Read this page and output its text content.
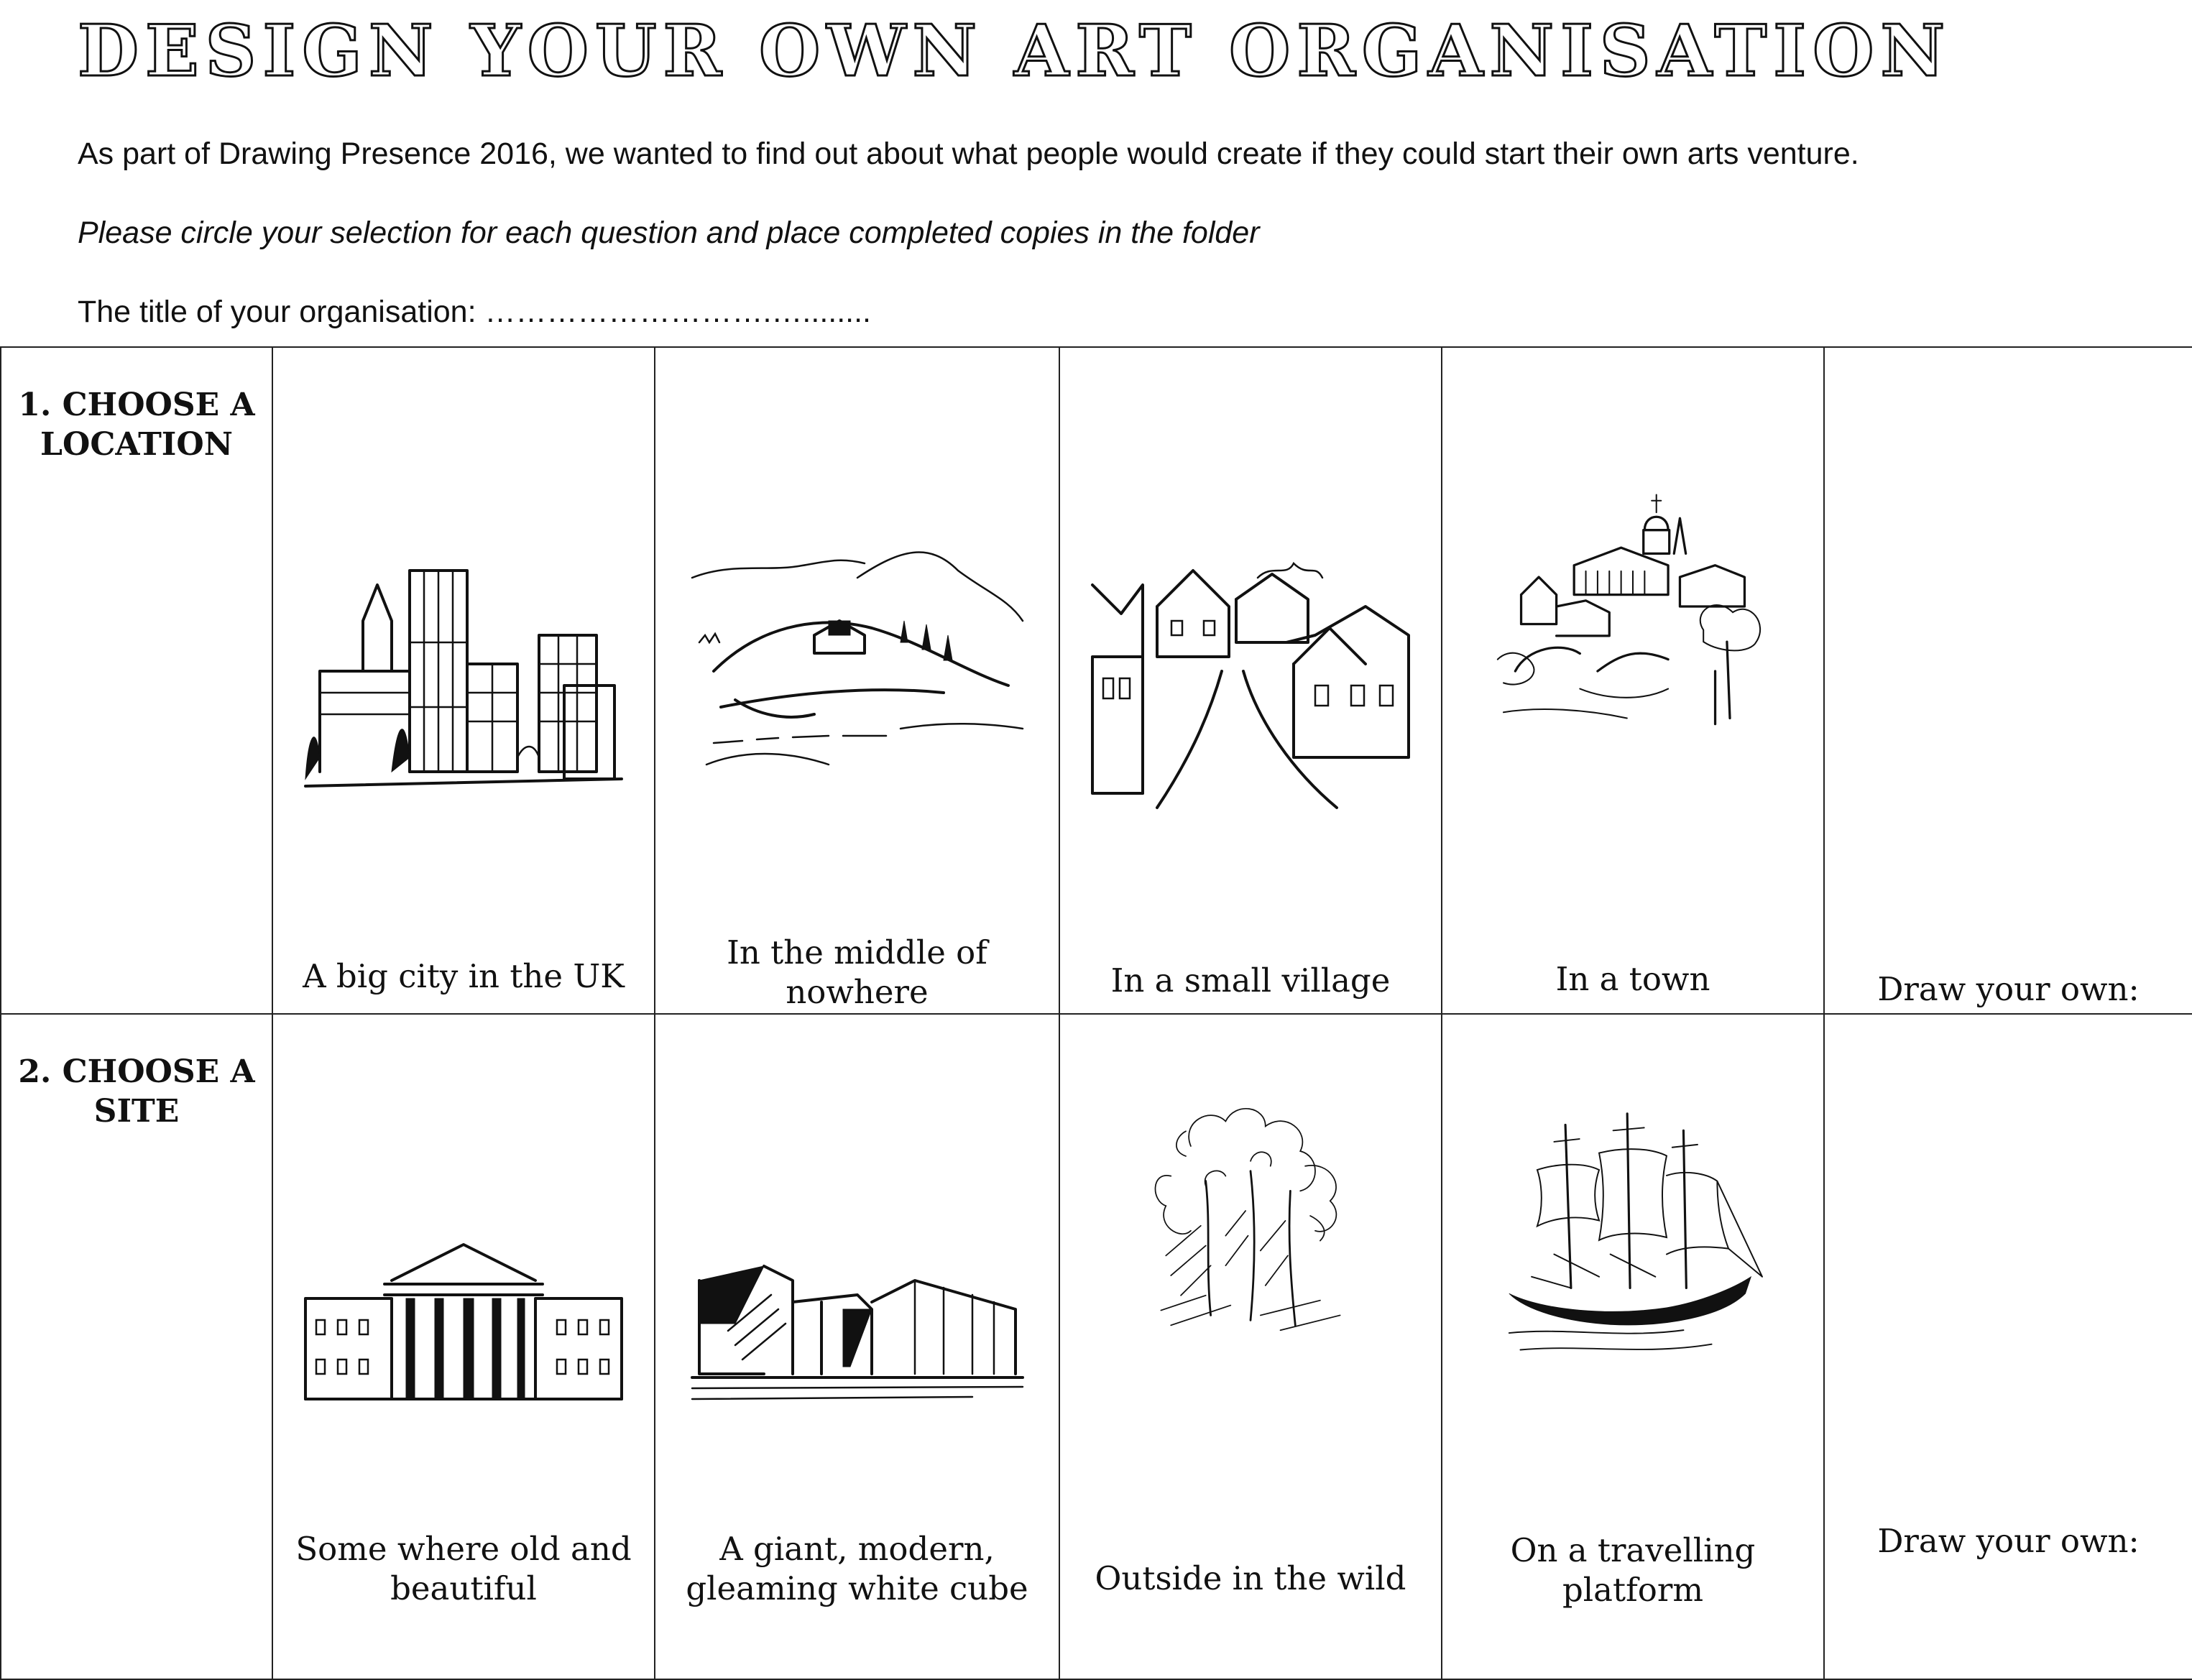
DESIGN YOUR OWN ART ORGANISATION

As part of Drawing Presence 2016, we wanted to find out about what people would create if they could start their own arts venture.

Please circle your selection for each question and place completed copies in the folder

The title of your organisation: ……………………….…........

1. CHOOSE A LOCATION	A big city in the UK	In the middle of nowhere	In a small village	In a town	Draw your own:

2. CHOOSE A SITE	Some where old and beautiful	A giant, modern, gleaming white cube	Outside in the wild	On a travelling platform	Draw your own:
